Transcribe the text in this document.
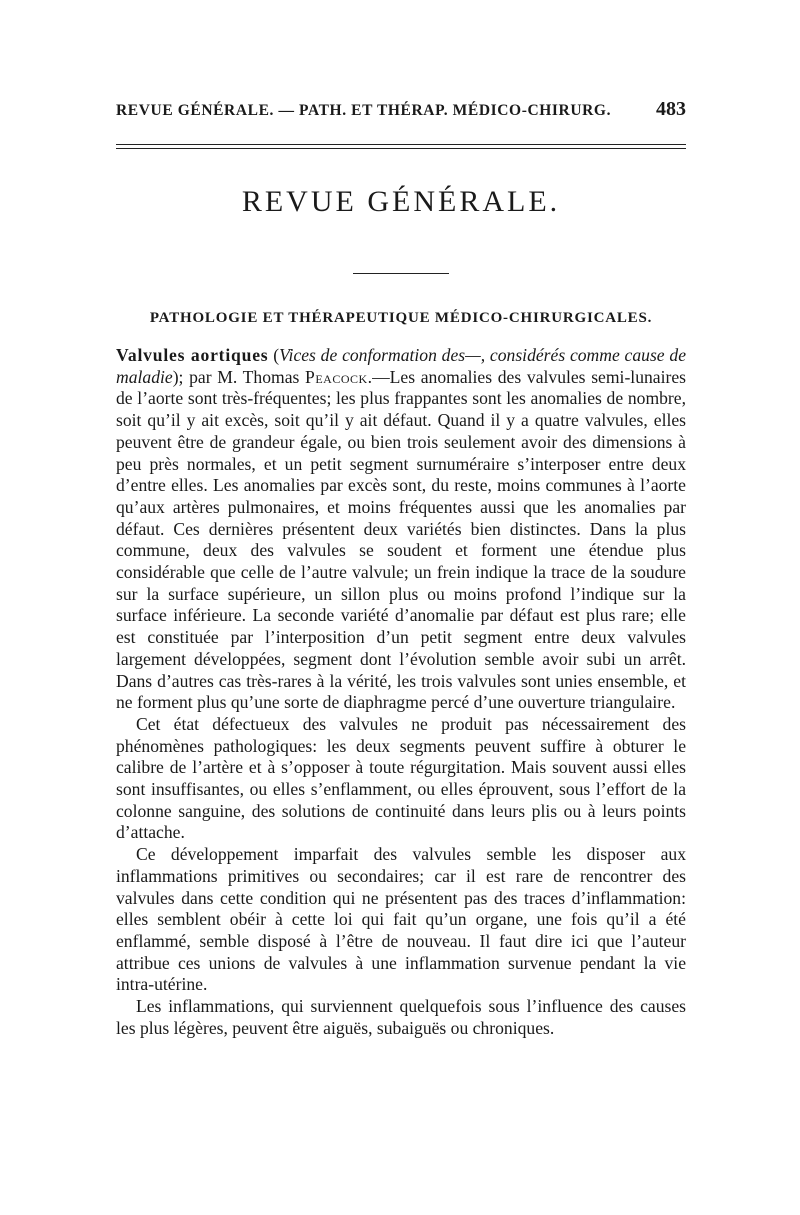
REVUE GÉNÉRALE. — PATH. ET THÉRAP. MÉDICO-CHIRURG. 483
REVUE GÉNÉRALE.
PATHOLOGIE ET THÉRAPEUTIQUE MÉDICO-CHIRURGICALES.

Valvules aortiques (Vices de conformation des—, considérés comme cause de maladie); par M. Thomas Peacock.—Les anomalies des valvules semi-lunaires de l’aorte sont très-fréquentes; les plus frappantes sont les anomalies de nombre, soit qu’il y ait excès, soit qu’il y ait défaut. Quand il y a quatre valvules, elles peuvent être de grandeur égale, ou bien trois seulement avoir des dimensions à peu près normales, et un petit segment surnuméraire s’interposer entre deux d’entre elles. Les anomalies par excès sont, du reste, moins communes à l’aorte qu’aux artères pulmonaires, et moins fréquentes aussi que les anomalies par défaut. Ces dernières présentent deux variétés bien distinctes. Dans la plus commune, deux des valvules se soudent et forment une étendue plus considérable que celle de l’autre valvule; un frein indique la trace de la soudure sur la surface supérieure, un sillon plus ou moins profond l’indique sur la surface inférieure. La seconde variété d’anomalie par défaut est plus rare; elle est constituée par l’interposition d’un petit segment entre deux valvules largement développées, segment dont l’évolution semble avoir subi un arrêt. Dans d’autres cas très-rares à la vérité, les trois valvules sont unies ensemble, et ne forment plus qu’une sorte de diaphragme percé d’une ouverture triangulaire.

Cet état défectueux des valvules ne produit pas nécessairement des phénomènes pathologiques: les deux segments peuvent suffire à obturer le calibre de l’artère et à s’opposer à toute régurgitation. Mais souvent aussi elles sont insuffisantes, ou elles s’enflamment, ou elles éprouvent, sous l’effort de la colonne sanguine, des solutions de continuité dans leurs plis ou à leurs points d’attache.

Ce développement imparfait des valvules semble les disposer aux inflammations primitives ou secondaires; car il est rare de rencontrer des valvules dans cette condition qui ne présentent pas des traces d’inflammation: elles semblent obéir à cette loi qui fait qu’un organe, une fois qu’il a été enflammé, semble disposé à l’être de nouveau. Il faut dire ici que l’auteur attribue ces unions de valvules à une inflammation survenue pendant la vie intra-utérine.

Les inflammations, qui surviennent quelquefois sous l’influence des causes les plus légères, peuvent être aiguës, subaiguës ou chroniques.
